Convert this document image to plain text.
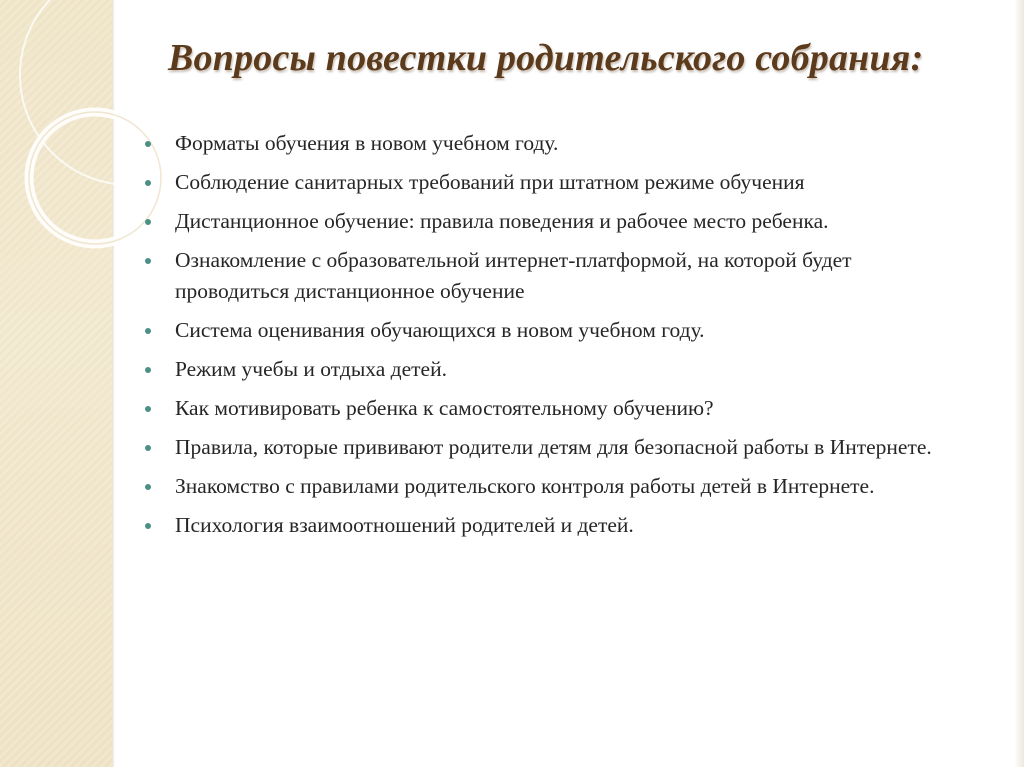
Вопросы повестки родительского собрания:
Форматы обучения в новом учебном году.
Соблюдение санитарных требований при штатном режиме обучения
Дистанционное обучение: правила поведения и рабочее место ребенка.
Ознакомление с образовательной интернет-платформой, на которой будет проводиться дистанционное обучение
Система оценивания обучающихся в новом учебном году.
Режим учебы и отдыха детей.
Как мотивировать ребенка к самостоятельному обучению?
Правила, которые прививают родители детям для безопасной работы в Интернете.
Знакомство с правилами родительского контроля работы детей в Интернете.
Психология взаимоотношений родителей и детей.
